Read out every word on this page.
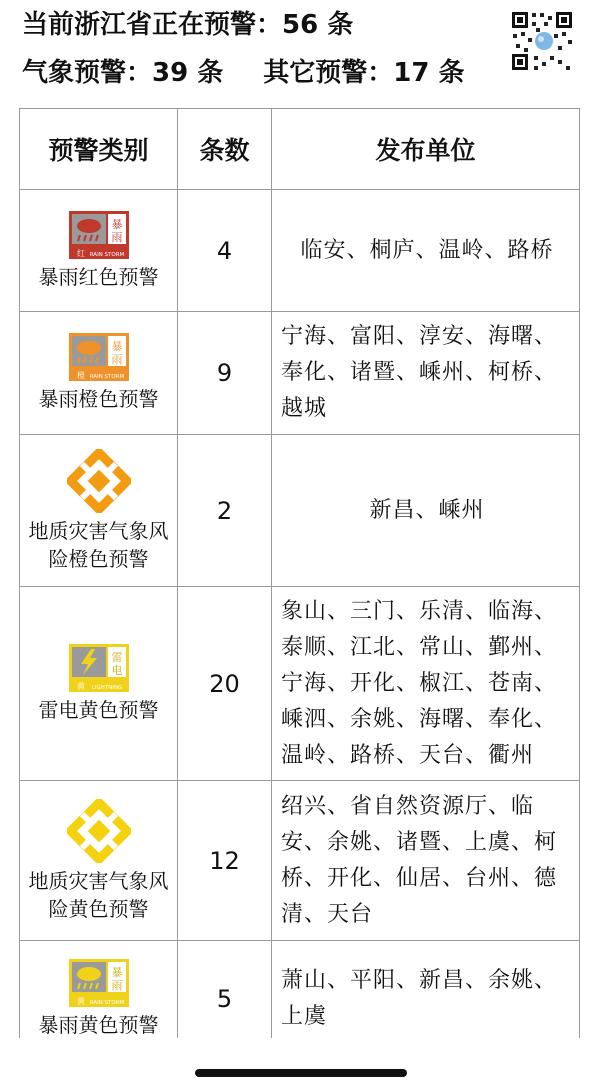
当前浙江省正在预警：56 条
气象预警：39 条 其它预警：17 条
预警类别	条数	发布单位

暴
雨
红 RAIN STORM
暴雨红色预警	4	临安、桐庐、温岭、路桥

暴
雨
橙 RAIN STORM
暴雨橙色预警	9	宁海、富阳、淳安、海曙、奉化、诸暨、嵊州、柯桥、越城

地质灾害气象风险橙色预警	2	新昌、嵊州

雷
电
黄 LIGHTNING
雷电黄色预警	20	象山、三门、乐清、临海、泰顺、江北、常山、鄞州、宁海、开化、椒江、苍南、嵊泗、余姚、海曙、奉化、温岭、路桥、天台、衢州

地质灾害气象风险黄色预警	12	绍兴、省自然资源厅、临安、余姚、诸暨、上虞、柯桥、开化、仙居、台州、德清、天台

暴
雨
黄 RAIN STORM
暴雨黄色预警	5	萧山、平阳、新昌、余姚、上虞
